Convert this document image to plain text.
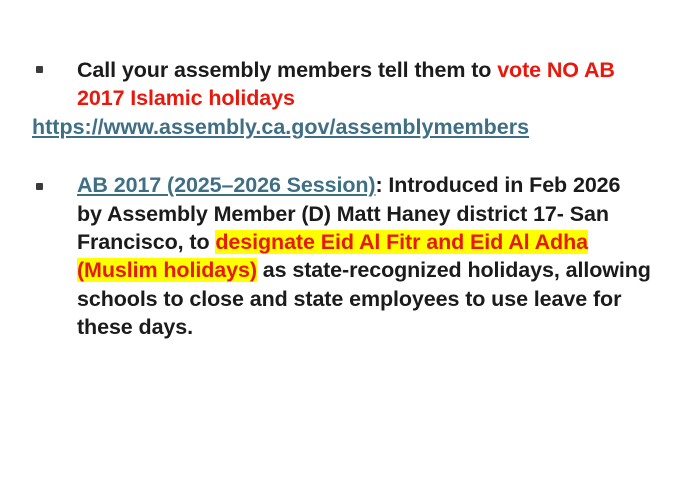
Call your assembly members tell them to vote NO AB 2017 Islamic holidays

https://www.assembly.ca.gov/assemblymembers

AB 2017 (2025–2026 Session): Introduced in Feb 2026 by Assembly Member (D) Matt Haney district 17- San Francisco, to designate Eid Al Fitr and Eid Al Adha (Muslim holidays) as state-recognized holidays, allowing schools to close and state employees to use leave for these days.
